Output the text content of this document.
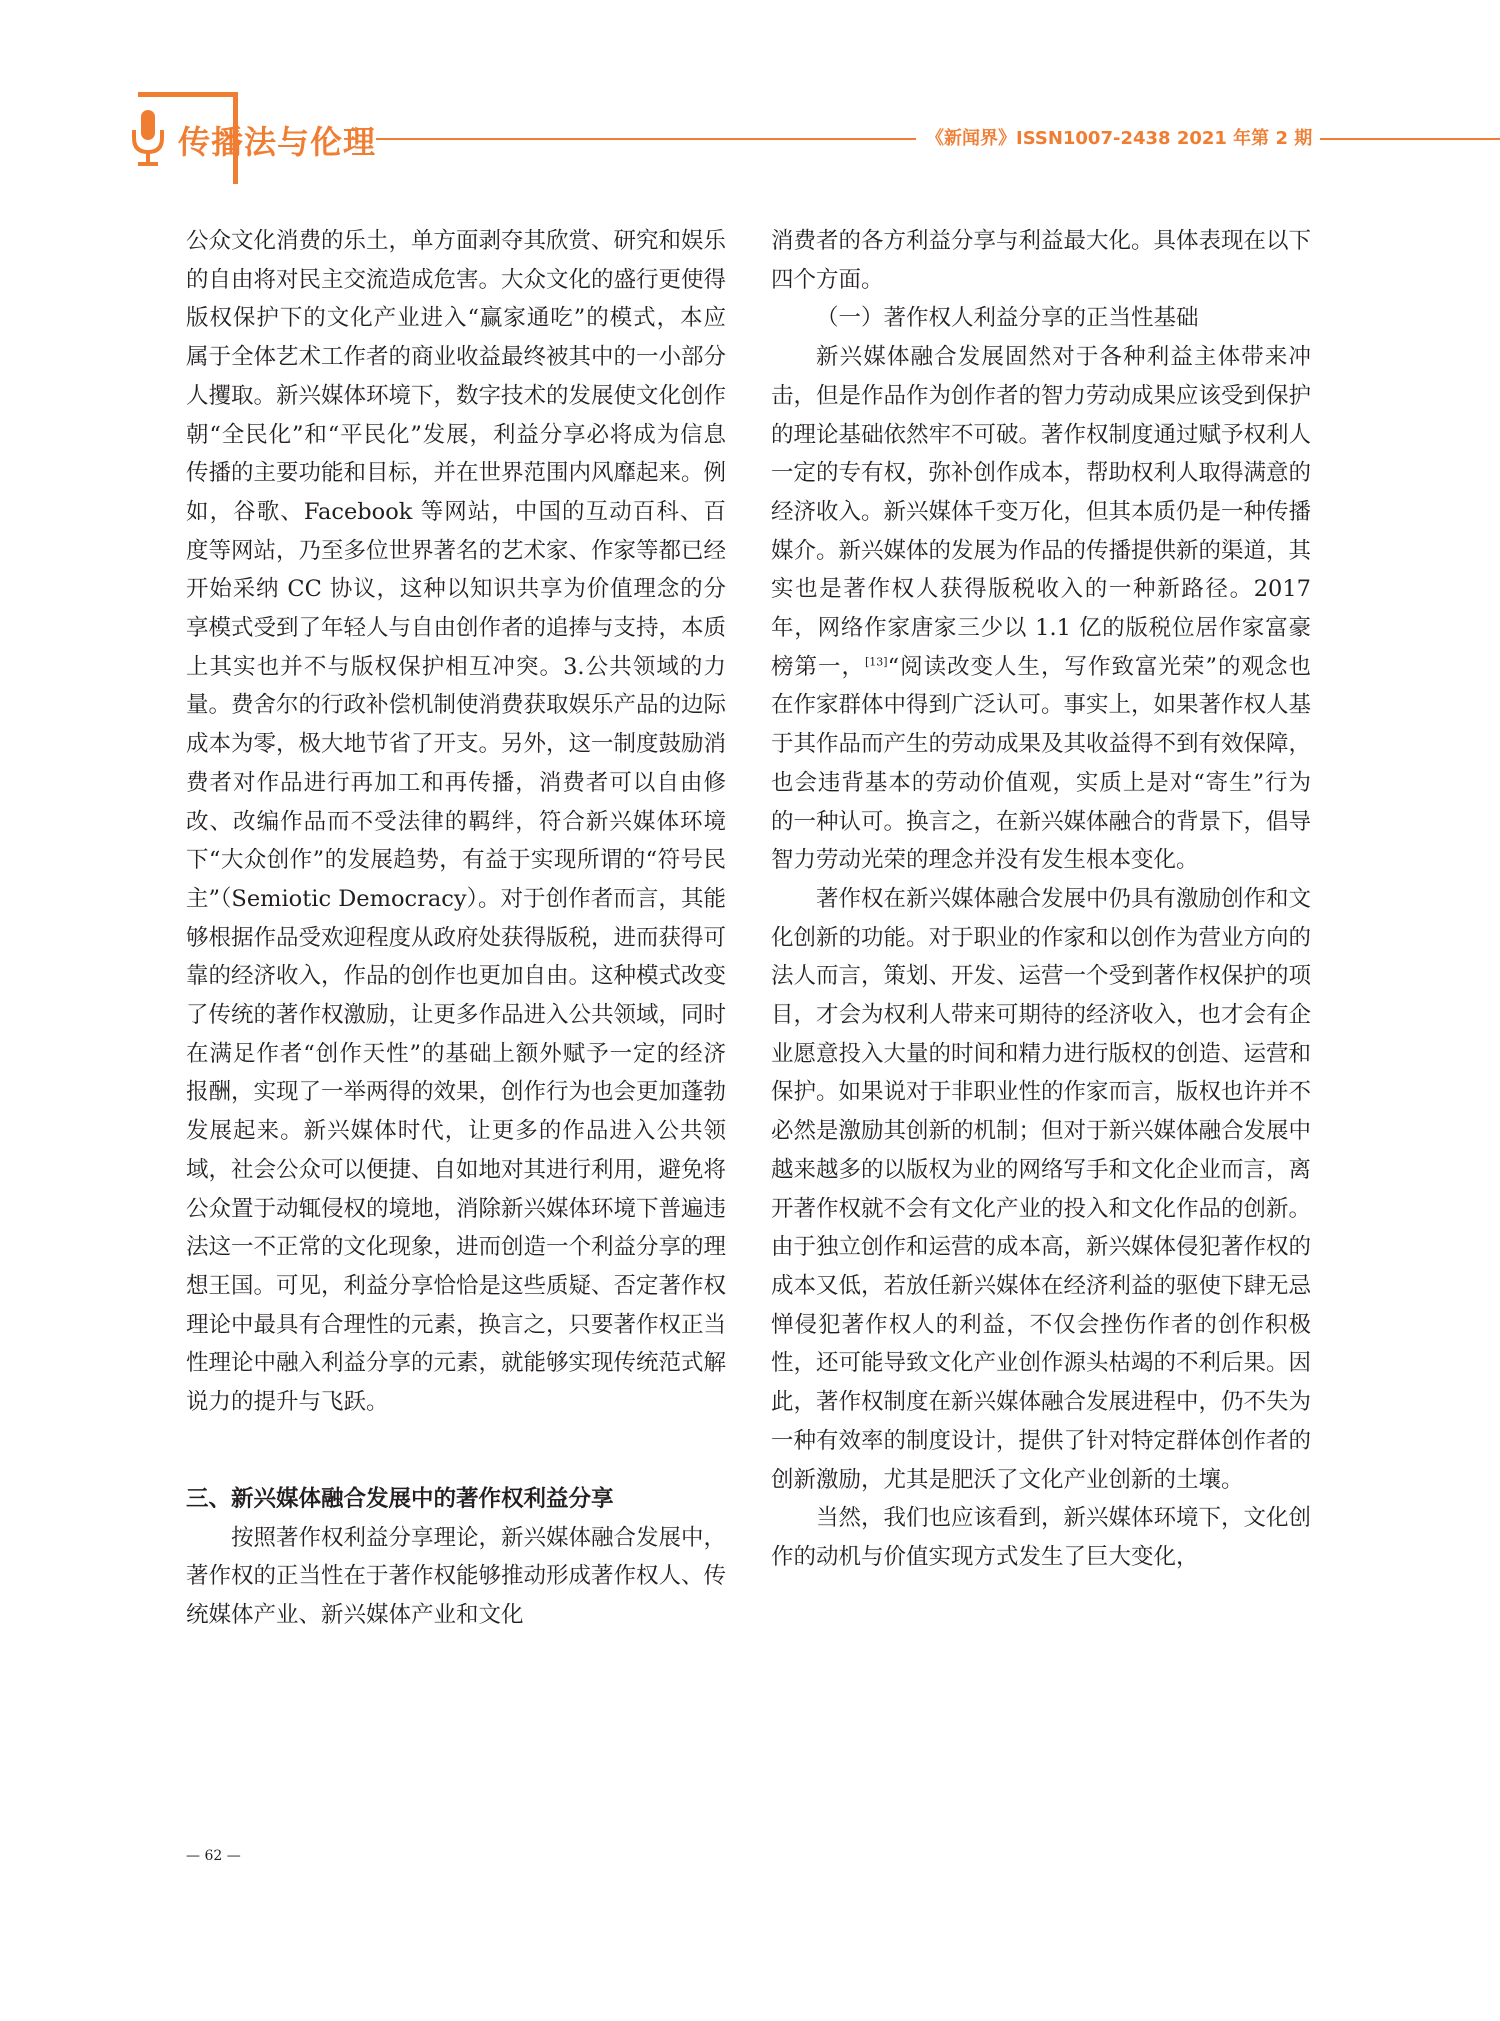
传播法与伦理	《新闻界》ISSN1007-2438 2021 年第 2 期

公众文化消费的乐土，单方面剥夺其欣赏、研究和娱乐的自由将对民主交流造成危害。大众文化的盛行更使得版权保护下的文化产业进入“赢家通吃”的模式，本应属于全体艺术工作者的商业收益最终被其中的一小部分人攫取。新兴媒体环境下，数字技术的发展使文化创作朝“全民化”和“平民化”发展，利益分享必将成为信息传播的主要功能和目标，并在世界范围内风靡起来。例如，谷歌、Facebook 等网站，中国的互动百科、百度等网站，乃至多位世界著名的艺术家、作家等都已经开始采纳 CC 协议，这种以知识共享为价值理念的分享模式受到了年轻人与自由创作者的追捧与支持，本质上其实也并不与版权保护相互冲突。3.公共领域的力量。费舍尔的行政补偿机制使消费获取娱乐产品的边际成本为零，极大地节省了开支。另外，这一制度鼓励消费者对作品进行再加工和再传播，消费者可以自由修改、改编作品而不受法律的羁绊，符合新兴媒体环境下“大众创作”的发展趋势，有益于实现所谓的“符号民主”（Semiotic Democracy）。对于创作者而言，其能够根据作品受欢迎程度从政府处获得版税，进而获得可靠的经济收入，作品的创作也更加自由。这种模式改变了传统的著作权激励，让更多作品进入公共领域，同时在满足作者“创作天性”的基础上额外赋予一定的经济报酬，实现了一举两得的效果，创作行为也会更加蓬勃发展起来。新兴媒体时代，让更多的作品进入公共领域，社会公众可以便捷、自如地对其进行利用，避免将公众置于动辄侵权的境地，消除新兴媒体环境下普遍违法这一不正常的文化现象，进而创造一个利益分享的理想王国。可见，利益分享恰恰是这些质疑、否定著作权理论中最具有合理性的元素，换言之，只要著作权正当性理论中融入利益分享的元素，就能够实现传统范式解说力的提升与飞跃。

三、新兴媒体融合发展中的著作权利益分享

按照著作权利益分享理论，新兴媒体融合发展中，著作权的正当性在于著作权能够推动形成著作权人、传统媒体产业、新兴媒体产业和文化

消费者的各方利益分享与利益最大化。具体表现在以下四个方面。

（一）著作权人利益分享的正当性基础

新兴媒体融合发展固然对于各种利益主体带来冲击，但是作品作为创作者的智力劳动成果应该受到保护的理论基础依然牢不可破。著作权制度通过赋予权利人一定的专有权，弥补创作成本，帮助权利人取得满意的经济收入。新兴媒体千变万化，但其本质仍是一种传播媒介。新兴媒体的发展为作品的传播提供新的渠道，其实也是著作权人获得版税收入的一种新路径。2017 年，网络作家唐家三少以 1.1 亿的版税位居作家富豪榜第一，[13]“阅读改变人生，写作致富光荣”的观念也在作家群体中得到广泛认可。事实上，如果著作权人基于其作品而产生的劳动成果及其收益得不到有效保障，也会违背基本的劳动价值观，实质上是对“寄生”行为的一种认可。换言之，在新兴媒体融合的背景下，倡导智力劳动光荣的理念并没有发生根本变化。

著作权在新兴媒体融合发展中仍具有激励创作和文化创新的功能。对于职业的作家和以创作为营业方向的法人而言，策划、开发、运营一个受到著作权保护的项目，才会为权利人带来可期待的经济收入，也才会有企业愿意投入大量的时间和精力进行版权的创造、运营和保护。如果说对于非职业性的作家而言，版权也许并不必然是激励其创新的机制；但对于新兴媒体融合发展中越来越多的以版权为业的网络写手和文化企业而言，离开著作权就不会有文化产业的投入和文化作品的创新。由于独立创作和运营的成本高，新兴媒体侵犯著作权的成本又低，若放任新兴媒体在经济利益的驱使下肆无忌惮侵犯著作权人的利益，不仅会挫伤作者的创作积极性，还可能导致文化产业创作源头枯竭的不利后果。因此，著作权制度在新兴媒体融合发展进程中，仍不失为一种有效率的制度设计，提供了针对特定群体创作者的创新激励，尤其是肥沃了文化产业创新的土壤。

当然，我们也应该看到，新兴媒体环境下，文化创作的动机与价值实现方式发生了巨大变化，

— 62 —
